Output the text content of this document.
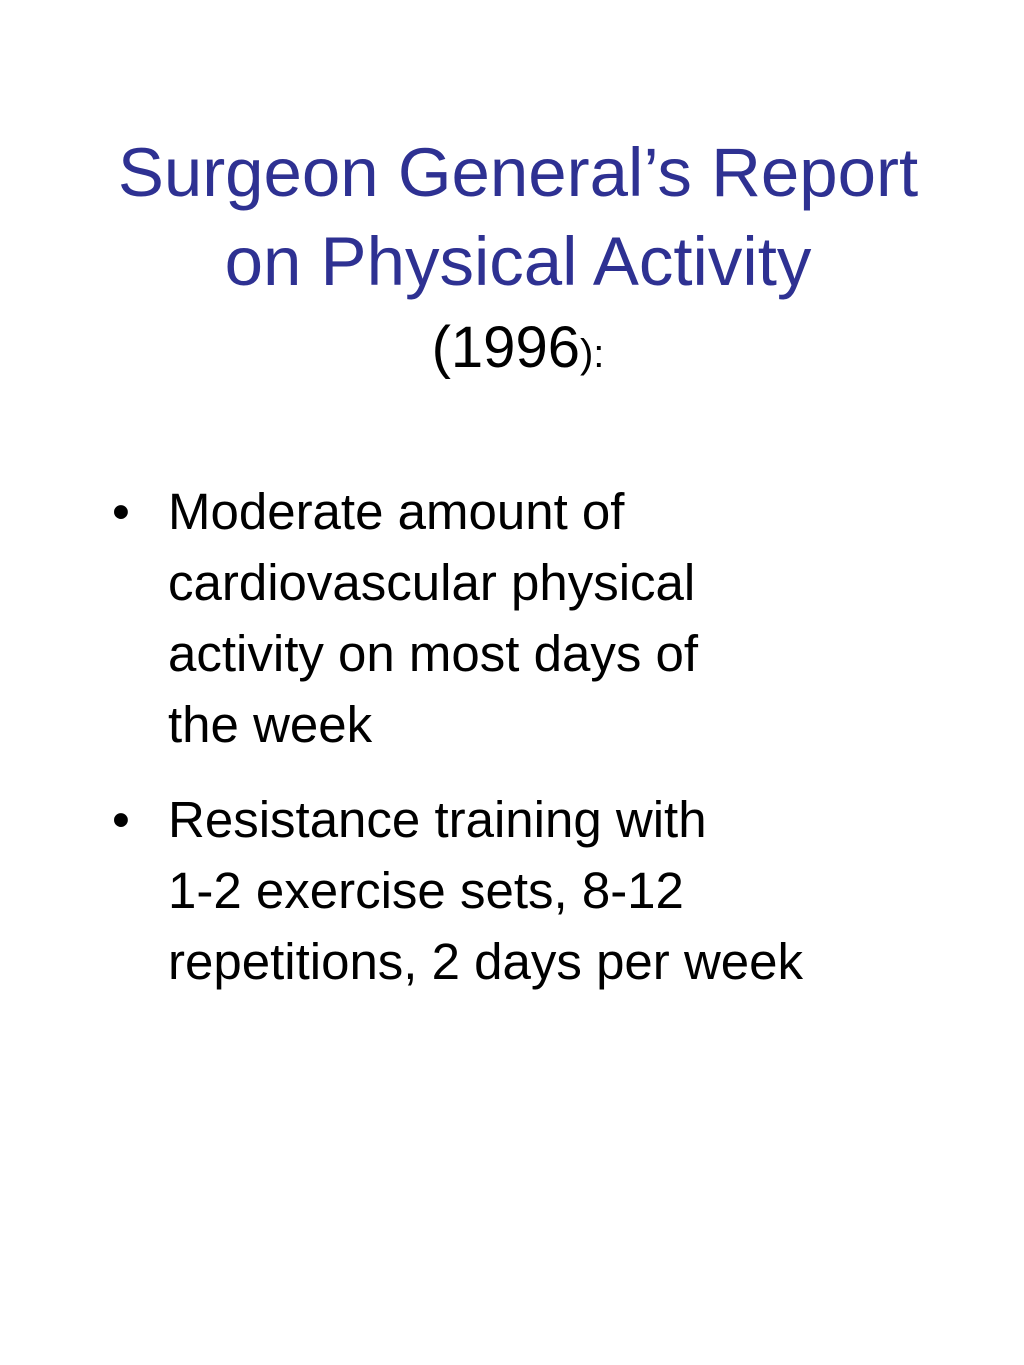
Surgeon General’s Report
on Physical Activity
(1996):
• Moderate amount of
cardiovascular physical
activity on most days of
the week
• Resistance training with
1-2 exercise sets, 8-12
repetitions, 2 days per week
